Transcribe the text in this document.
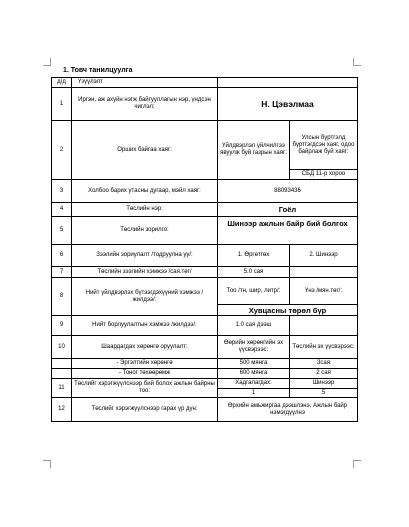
1. Товч танилцуулга
д/д	Үзүүлэлт		
1	Иргэн, аж ахуйн нэгж байгууллагын нэр, үндсэн чиглэл:	Н. Цэвэлмаа	
2	Орших байгаа хаяг:	Үйлдвэрлэл үйлчилгээ явуулж буй газрын хаяг:	Улсын бүртгэлд бүртгэгдсэн хаяг, одоо байрлаж буй хаяг:
			СБД 11-р хороо
3	Холбоо барих утасны дугаар, мэйл хаяг:	88093436	
4	Төслийн нэр:	Гоёл	
5	Төслийн зорилго:	Шинээр ажлын байр бий болгох	
6	Зээлийн зориулалт /тодруулна уу/:	1. Өргөтгөх	2. Шинээр
7	Төслийн зээлийн хэмжээ /сая.төг/	5.0 сая	
8	Нийт үйлдвэрлэх бүтээгдэхүүний хэмжээ /жилдээ/:	Тоо /тн, шир, литр/:	Үнэ /мян.төг/:
		Хувцасны төрөл бүр	
9	Нийт борлуулалтын хэмжээ /жилдээ/:	1.0 сая дээш	
10	Шаардагдах хөрөнгө оруулалт:	Өөрийн хөрөнгийн эх үүсвэрээс:	Төслийн эх үүсвэрээс:
	- Эргэлтийн хөрөнгө	500 мянга	3сая
	- Тоног төхөөрөмж	600 мянга	2 сая
11	Төслийг хэрэгжүүлснээр бий болох ажлын байрны тоо:	Хадгалагдах:	Шинээр
		1	5
12	Төслийг хэрэгжүүлснээр гарах үр дүн:	Өрхийн амьжиргаа дээшлэнэ, Ажлын байр нэмэгдүүлнэ	
